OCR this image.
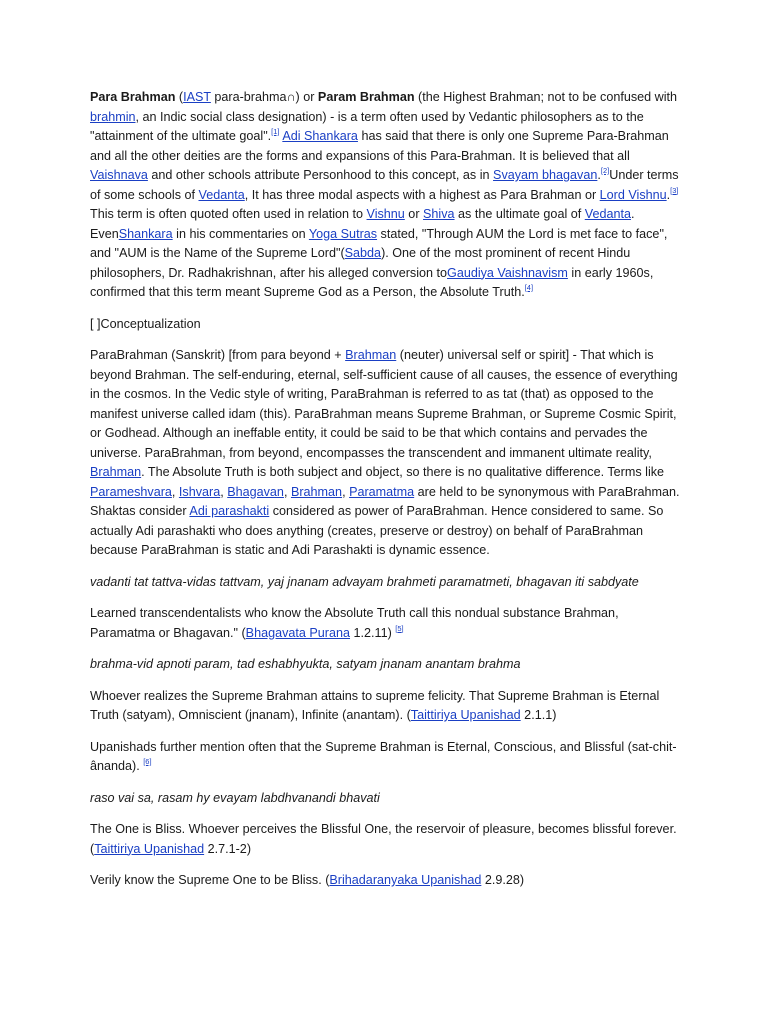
Para Brahman (IAST para-brahma∩) or Param Brahman (the Highest Brahman; not to be confused with brahmin, an Indic social class designation) - is a term often used by Vedantic philosophers as to the "attainment of the ultimate goal".[1] Adi Shankara has said that there is only one Supreme Para-Brahman and all the other deities are the forms and expansions of this Para-Brahman. It is believed that all Vaishnava and other schools attribute Personhood to this concept, as in Svayam bhagavan.[2]Under terms of some schools of Vedanta, It has three modal aspects with a highest as Para Brahman or Lord Vishnu.[3] This term is often quoted often used in relation to Vishnu or Shiva as the ultimate goal of Vedanta. EvenShankara in his commentaries on Yoga Sutras stated, "Through AUM the Lord is met face to face", and "AUM is the Name of the Supreme Lord"(Sabda). One of the most prominent of recent Hindu philosophers, Dr. Radhakrishnan, after his alleged conversion toGaudiya Vaishnavism in early 1960s, confirmed that this term meant Supreme God as a Person, the Absolute Truth.[4]

[ ]Conceptualization

ParaBrahman (Sanskrit) [from para beyond + Brahman (neuter) universal self or spirit] - That which is beyond Brahman. The self-enduring, eternal, self-sufficient cause of all causes, the essence of everything in the cosmos. In the Vedic style of writing, ParaBrahman is referred to as tat (that) as opposed to the manifest universe called idam (this). ParaBrahman means Supreme Brahman, or Supreme Cosmic Spirit, or Godhead. Although an ineffable entity, it could be said to be that which contains and pervades the universe. ParaBrahman, from beyond, encompasses the transcendent and immanent ultimate reality, Brahman. The Absolute Truth is both subject and object, so there is no qualitative difference. Terms like Parameshvara, Ishvara, Bhagavan, Brahman, Paramatma are held to be synonymous with ParaBrahman. Shaktas consider Adi parashakti considered as power of ParaBrahman. Hence considered to same. So actually Adi parashakti who does anything (creates, preserve or destroy) on behalf of ParaBrahman because ParaBrahman is static and Adi Parashakti is dynamic essence.

vadanti tat tattva-vidas tattvam, yaj jnanam advayam brahmeti paramatmeti, bhagavan iti sabdyate

Learned transcendentalists who know the Absolute Truth call this nondual substance Brahman, Paramatma or Bhagavan." (Bhagavata Purana 1.2.11) [5]

brahma-vid apnoti param, tad eshabhyukta, satyam jnanam anantam brahma

Whoever realizes the Supreme Brahman attains to supreme felicity. That Supreme Brahman is Eternal Truth (satyam), Omniscient (jnanam), Infinite (anantam). (Taittiriya Upanishad 2.1.1)

Upanishads further mention often that the Supreme Brahman is Eternal, Conscious, and Blissful (sat-chit-ânanda). [6]

raso vai sa, rasam hy evayam labdhvanandi bhavati

The One is Bliss. Whoever perceives the Blissful One, the reservoir of pleasure, becomes blissful forever. (Taittiriya Upanishad 2.7.1-2)

Verily know the Supreme One to be Bliss. (Brihadaranyaka Upanishad 2.9.28)
